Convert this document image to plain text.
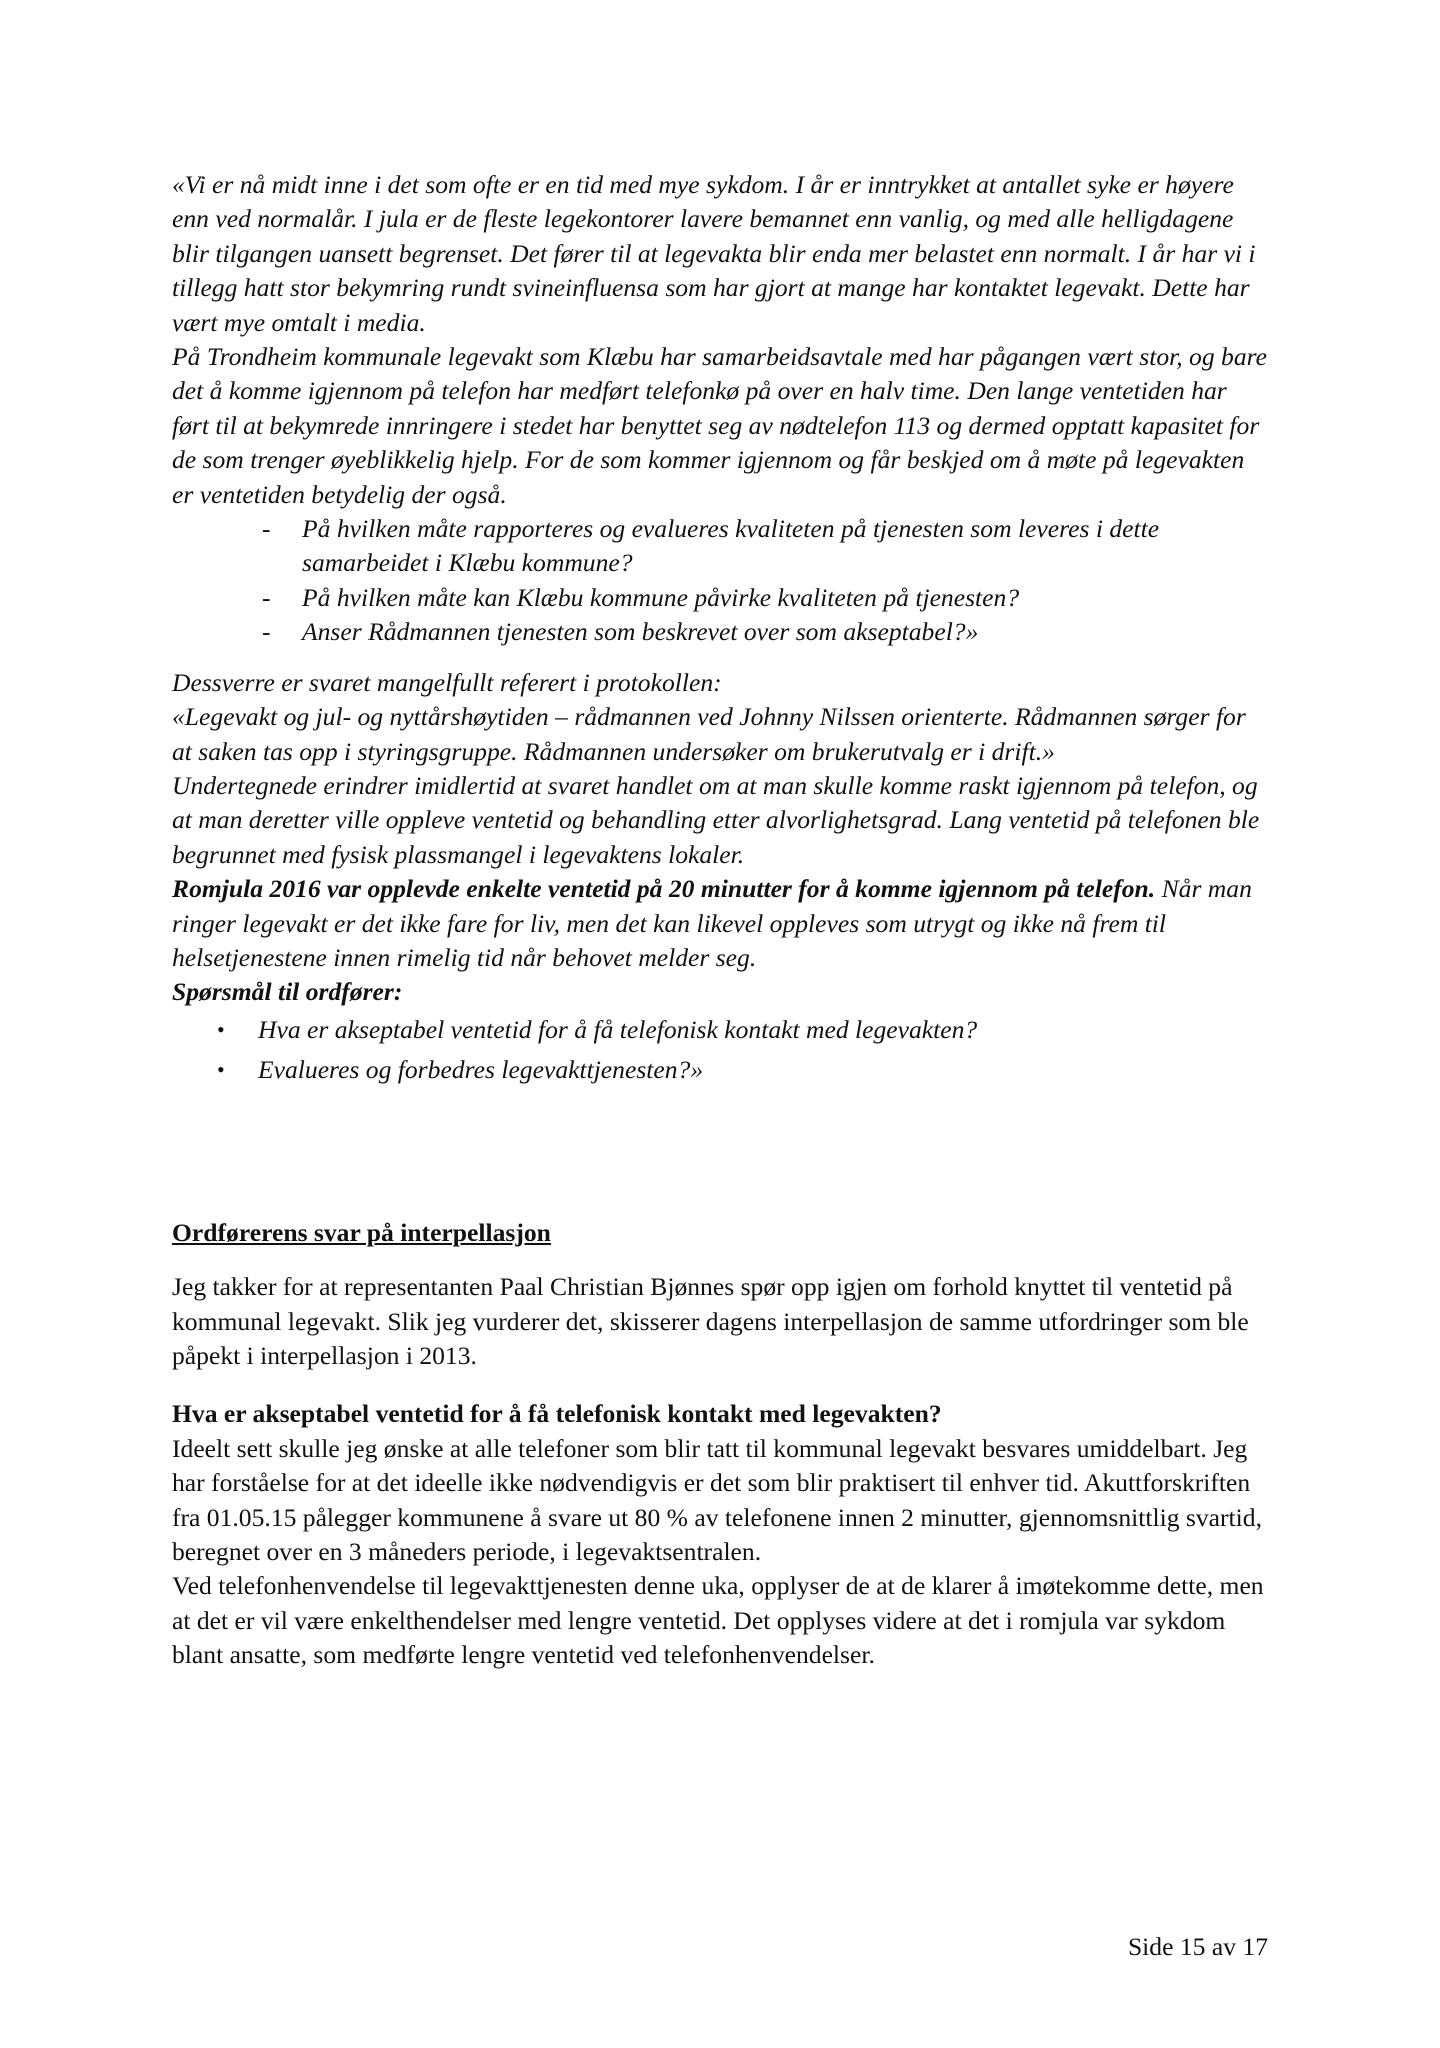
«Vi er nå midt inne i det som ofte er en tid med mye sykdom. I år er inntrykket at antallet syke er høyere enn ved normalår. I jula er de fleste legekontorer lavere bemannet enn vanlig, og med alle helligdagene blir tilgangen uansett begrenset. Det fører til at legevakta blir enda mer belastet enn normalt. I år har vi i tillegg hatt stor bekymring rundt svineinfluensa som har gjort at mange har kontaktet legevakt. Dette har vært mye omtalt i media.

På Trondheim kommunale legevakt som Klæbu har samarbeidsavtale med har pågangen vært stor, og bare det å komme igjennom på telefon har medført telefonkø på over en halv time. Den lange ventetiden har ført til at bekymrede innringere i stedet har benyttet seg av nødtelefon 113 og dermed opptatt kapasitet for de som trenger øyeblikkelig hjelp. For de som kommer igjennom og får beskjed om å møte på legevakten er ventetiden betydelig der også.

- På hvilken måte rapporteres og evalueres kvaliteten på tjenesten som leveres i dette samarbeidet i Klæbu kommune?
- På hvilken måte kan Klæbu kommune påvirke kvaliteten på tjenesten?
- Anser Rådmannen tjenesten som beskrevet over som akseptabel?»

Dessverre er svaret mangelfullt referert i protokollen:

«Legevakt og jul- og nyttårshøytiden – rådmannen ved Johnny Nilssen orienterte. Rådmannen sørger for at saken tas opp i styringsgruppe. Rådmannen undersøker om brukerutvalg er i drift.»

Undertegnede erindrer imidlertid at svaret handlet om at man skulle komme raskt igjennom på telefon, og at man deretter ville oppleve ventetid og behandling etter alvorlighetsgrad. Lang ventetid på telefonen ble begrunnet med fysisk plassmangel i legevaktens lokaler.

Romjula 2016 var opplevde enkelte ventetid på 20 minutter for å komme igjennom på telefon. Når man ringer legevakt er det ikke fare for liv, men det kan likevel oppleves som utrygt og ikke nå frem til helsetjenestene innen rimelig tid når behovet melder seg.

Spørsmål til ordfører:

• Hva er akseptabel ventetid for å få telefonisk kontakt med legevakten?
• Evalueres og forbedres legevakttjenesten?»

Ordførerens svar på interpellasjon

Jeg takker for at representanten Paal Christian Bjønnes spør opp igjen om forhold knyttet til ventetid på kommunal legevakt. Slik jeg vurderer det, skisserer dagens interpellasjon de samme utfordringer som ble påpekt i interpellasjon i 2013.

Hva er akseptabel ventetid for å få telefonisk kontakt med legevakten?

Ideelt sett skulle jeg ønske at alle telefoner som blir tatt til kommunal legevakt besvares umiddelbart. Jeg har forståelse for at det ideelle ikke nødvendigvis er det som blir praktisert til enhver tid. Akuttforskriften fra 01.05.15 pålegger kommunene å svare ut 80 % av telefonene innen 2 minutter, gjennomsnittlig svartid, beregnet over en 3 måneders periode, i legevaktsentralen.

Ved telefonhenvendelse til legevakttjenesten denne uka, opplyser de at de klarer å imøtekomme dette, men at det er vil være enkelthendelser med lengre ventetid. Det opplyses videre at det i romjula var sykdom blant ansatte, som medførte lengre ventetid ved telefonhenvendelser.

Side 15 av 17
